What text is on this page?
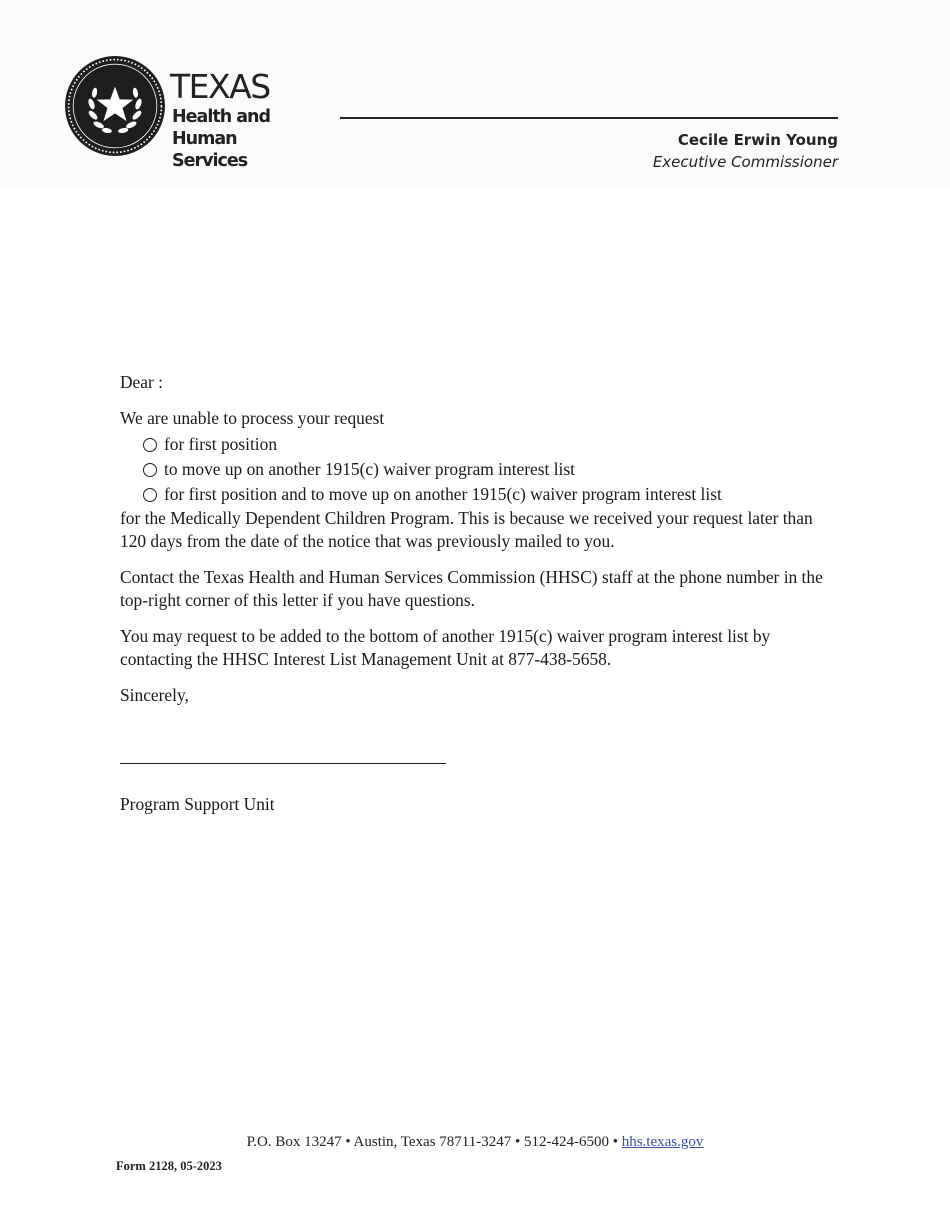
TEXAS
Health and Human
Services
Cecile Erwin Young
Executive Commissioner

Dear :

We are unable to process your request

for first position
to move up on another 1915(c) waiver program interest list
for first position and to move up on another 1915(c) waiver program interest list

for the Medically Dependent Children Program. This is because we received your request later than 120 days from the date of the notice that was previously mailed to you.

Contact the Texas Health and Human Services Commission (HHSC) staff at the phone number in the top-right corner of this letter if you have questions.

You may request to be added to the bottom of another 1915(c) waiver program interest list by contacting the HHSC Interest List Management Unit at 877-438-5658.

Sincerely,

Program Support Unit
P.O. Box 13247 • Austin, Texas 78711-3247 • 512-424-6500 • hhs.texas.gov
Form 2128, 05-2023
